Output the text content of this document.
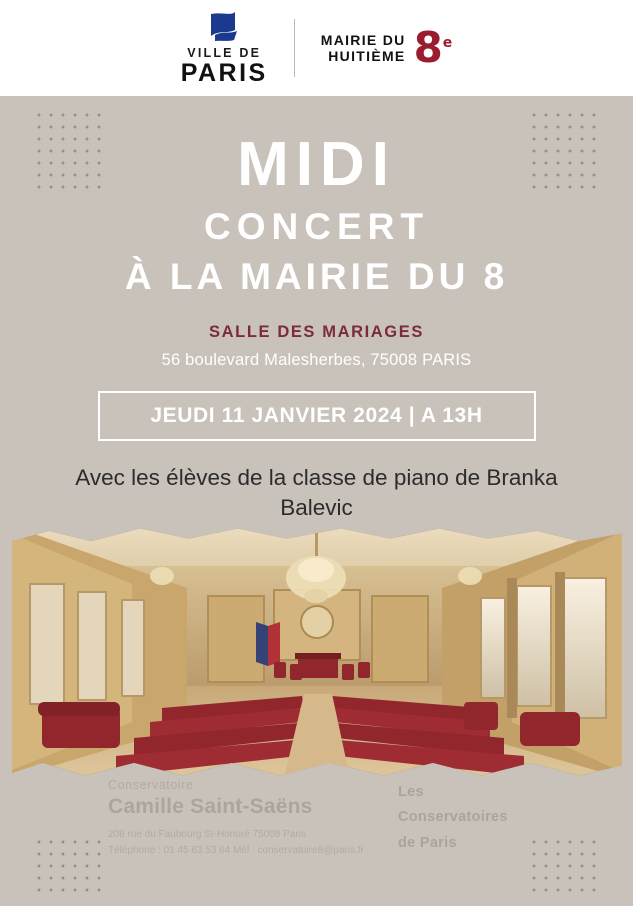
VILLE DE
PARIS
MAIRIE DU
HUITIÈME 8e
MIDI
CONCERT
À LA MAIRIE DU 8
SALLE DES MARIAGES
56 boulevard Malesherbes, 75008 PARIS
JEUDI 11 JANVIER 2024 | A 13H
Avec les élèves de la classe de piano de Branka Balevic
Conservatoire
Camille Saint-Saëns
208 rue du Faubourg St-Honoré 75008 Paris
Téléphone : 01 45 63 53 64 Mél : conservatoire8@paris.fr
Les
Conservatoires
de Paris
